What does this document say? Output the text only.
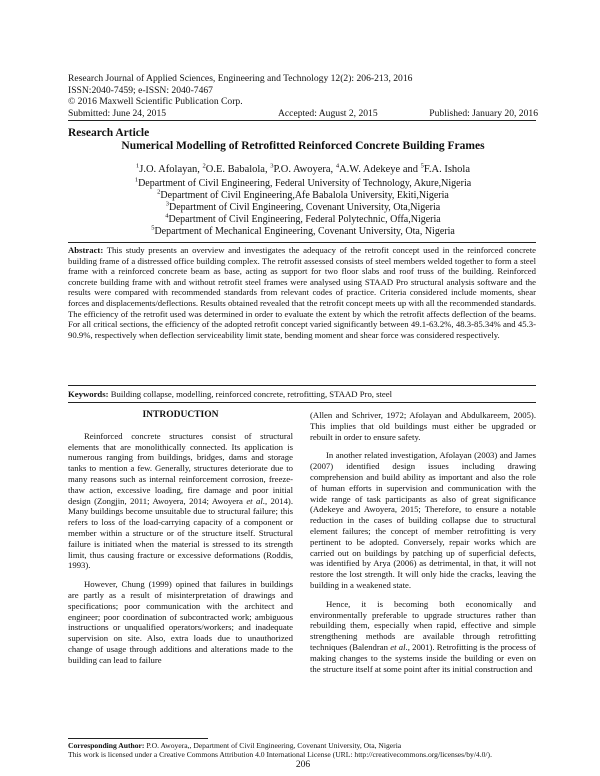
Research Journal of Applied Sciences, Engineering and Technology 12(2): 206-213, 2016
ISSN:2040-7459; e-ISSN: 2040-7467
© 2016 Maxwell Scientific Publication Corp.
Submitted: June 24, 2015	Accepted: August 2, 2015	Published: January 20, 2016
Research Article
Numerical Modelling of Retrofitted Reinforced Concrete Building Frames
$^1$J.O. Afolayan, $^2$O.E. Babalola, $^3$P.O. Awoyera, $^4$A.W. Adekeye and $^5$F.A. Ishola
$^1$Department of Civil Engineering, Federal University of Technology, Akure,Nigeria
$^2$Department of Civil Engineering,Afe Babalola University, Ekiti,Nigeria
$^3$Department of Civil Engineering, Covenant University, Ota,Nigeria
$^4$Department of Civil Engineering, Federal Polytechnic, Offa,Nigeria
$^5$Department of Mechanical Engineering, Covenant University, Ota, Nigeria
Abstract: This study presents an overview and investigates the adequacy of the retrofit concept used in the reinforced concrete building frame of a distressed office building complex. The retrofit assessed consists of steel members welded together to form a steel frame with a reinforced concrete beam as base, acting as support for two floor slabs and roof truss of the building. Reinforced concrete building frame with and without retrofit steel frames were analysed using STAAD Pro structural analysis software and the results were compared with recommended standards from relevant codes of practice. Criteria considered include moments, shear forces and displacements/deflections. Results obtained revealed that the retrofit concept meets up with all the recommended standards. The efficiency of the retrofit used was determined in order to evaluate the extent by which the retrofit affects deflection of the beams. For all critical sections, the efficiency of the adopted retrofit concept varied significantly between 49.1-63.2%, 48.3-85.34% and 45.3-90.9%, respectively when deflection serviceability limit state, bending moment and shear force was considered respectively.
Keywords: Building collapse, modelling, reinforced concrete, retrofitting, STAAD Pro, steel
INTRODUCTION

Reinforced concrete structures consist of structural elements that are monolithically connected. Its application is numerous ranging from buildings, bridges, dams and storage tanks to mention a few. Generally, structures deteriorate due to many reasons such as internal reinforcement corrosion, freeze-thaw action, excessive loading, fire damage and poor initial design (Zongjin, 2011; Awoyera, 2014; Awoyera et al., 2014). Many buildings become unsuitable due to structural failure; this refers to loss of the load-carrying capacity of a component or member within a structure or of the structure itself. Structural failure is initiated when the material is stressed to its strength limit, thus causing fracture or excessive deformations (Roddis, 1993).

However, Chung (1999) opined that failures in buildings are partly as a result of misinterpretation of drawings and specifications; poor communication with the architect and engineer; poor coordination of subcontracted work; ambiguous instructions or unqualified operators/workers; and inadequate supervision on site. Also, extra loads due to unauthorized change of usage through additions and alterations made to the building can lead to failure

(Allen and Schriver, 1972; Afolayan and Abdulkareem, 2005). This implies that old buildings must either be upgraded or rebuilt in order to ensure safety.

In another related investigation, Afolayan (2003) and James (2007) identified design issues including drawing comprehension and build ability as important and also the role of human efforts in supervision and communication with the wide range of task participants as also of great significance (Adekeye and Awoyera, 2015; Therefore, to ensure a notable reduction in the cases of building collapse due to structural element failures; the concept of member retrofitting is very pertinent to be adopted. Conversely, repair works which are carried out on buildings by patching up of superficial defects, was identified by Arya (2006) as detrimental, in that, it will not restore the lost strength. It will only hide the cracks, leaving the building in a weakened state.

Hence, it is becoming both economically and environmentally preferable to upgrade structures rather than rebuilding them, especially when rapid, effective and simple strengthening methods are available through retrofitting techniques (Balendran et al., 2001). Retrofitting is the process of making changes to the systems inside the building or even on the structure itself at some point after its initial construction and

Corresponding Author: P.O. Awoyera,, Department of Civil Engineering, Covenant University, Ota, Nigeria
This work is licensed under a Creative Commons Attribution 4.0 International License (URL: http://creativecommons.org/licenses/by/4.0/).
206
